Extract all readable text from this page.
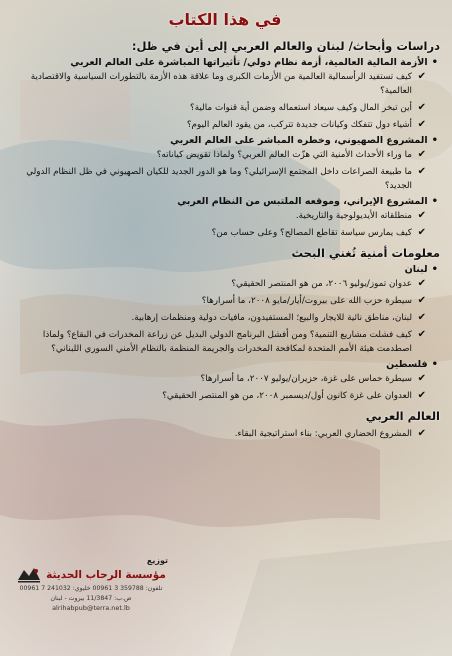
في هذا الكتاب
دراسات وأبحاث/ لبنان والعالم العربي إلى أين في ظل:
• الأزمة المالية العالمية، أزمة نظام دولي/ تأثيراتها المباشرة على العالم العربي
✔
كيف تستفيد الرأسمالية العالمية من الأزمات الكبرى وما علاقة هذه الأزمة بالتطورات السياسية والاقتصادية العالمية؟
✔
أين تبخر المال وكيف سيعاد استعماله وضمن أية قنوات مالية؟
✔
أشياء دول تتفكك وكيانات جديدة تتركب، من يقود العالم اليوم؟
• المشروع الصهيوني، وخطره المباشر على العالم العربي
✔
ما وراء الأحداث الأمنية التي هزّت العالم العربي؟ ولماذا تقويض كياناته؟
✔
ما طبيعة الصراعات داخل المجتمع الإسرائيلي؟ وما هو الدور الجديد للكيان الصهيوني في ظل النظام الدولي الجديد؟
• المشروع الإيراني، وموقعه الملتبس من النظام العربي
✔
منطلقاته الأيديولوجية والتاريخية.
✔
كيف يمارس سياسة تقاطع المصالح؟ وعلى حساب من؟
معلومات أمنية تُغني البحث
• لبنان
✔
عدوان تموز/يوليو ٢٠٠٦، من هو المنتصر الحقيقي؟
✔
سيطرة حزب الله على بيروت/أيار/مايو ٢٠٠٨، ما أسرارها؟
✔
لبنان، مناطق نائية للايجار والبيع؛ المستفيدون، مافيات دولية ومنظمات إرهابية.
✔
كيف فشلت مشاريع التنمية؟ ومن أفشل البرنامج الدولي البديل عن زراعة المخدرات في البقاع؟ ولماذا اصطدمت هيئة الأمم المتحدة لمكافحة المخدرات والجريمة المنظمة بالنظام الأمني السوري اللبناني؟
• فلسطين
✔
سيطرة حماس على غزة، حزيران/يوليو ٢٠٠٧، ما أسرارها؟
✔
العدوان على غزة كانون أول/ديسمبر ٢٠٠٨، من هو المنتصر الحقيقي؟
العالم العربي
✔
المشروع الحضاري العربي: بناء استراتيجية البقاء.
توزيع
مؤسسة الرحاب الحديثة
تلفون: 359788 3 00961 خليوي: 241032 7 00961
ص.ب: 11/3847 بيروت - لبنان
alrihabpub@terra.net.lb
